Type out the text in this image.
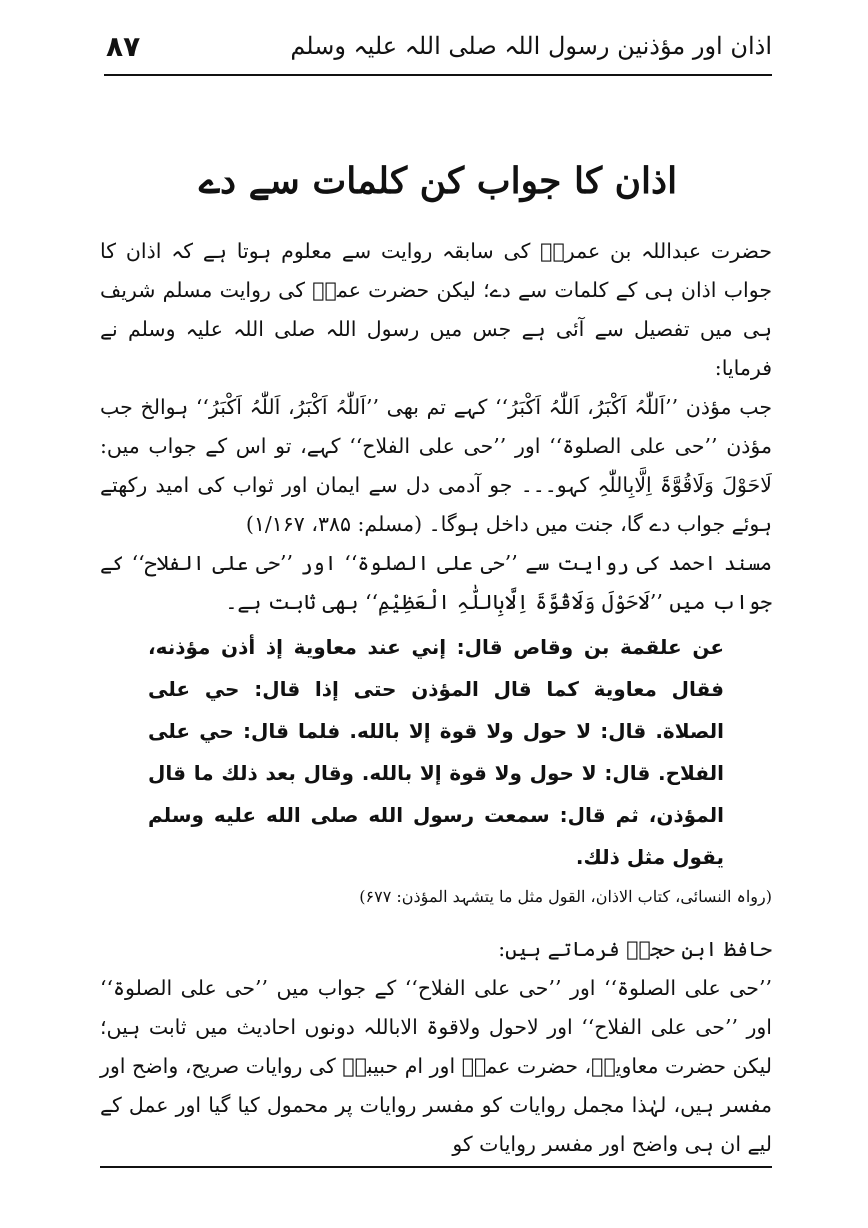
اذان اور مؤذنین رسول اللہ صلی اللہ علیہ وسلم
۸۷
اذان کا جواب کن کلمات سے دے

حضرت عبداللہ بن عمروؓ کی سابقہ روایت سے معلوم ہوتا ہے کہ اذان کا جواب اذان ہی کے کلمات سے دے؛ لیکن حضرت عمرؓ کی روایت مسلم شریف ہی میں تفصیل سے آئی ہے جس میں رسول اللہ صلی اللہ علیہ وسلم نے فرمایا:

جب مؤذن ’’اَللّٰہُ اَکْبَرُ، اَللّٰہُ اَکْبَرُ‘‘ کہے تم بھی ’’اَللّٰہُ اَکْبَرُ، اَللّٰہُ اَکْبَرُ‘‘ ہوالخ جب مؤذن ’’حی علی الصلوۃ‘‘ اور ’’حی علی الفلاح‘‘ کہے، تو اس کے جواب میں: لَاحَوْلَ وَلَاقُوَّۃَ اِلَّابِاللّٰہِ کہو۔۔۔ جو آدمی دل سے ایمان اور ثواب کی امید رکھتے ہوئے جواب دے گا، جنت میں داخل ہوگا۔ (مسلم: ۳۸۵، ۱/۱۶۷)

مسند احمد کی روایت سے ’’حی علی الصلوۃ‘‘ اور ’’حی علی الفلاح‘‘ کے جواب میں ’’لَاحَوْلَ وَلَاقُوَّۃَ اِلَّابِاللّٰہِ الْعَظِیْمِ‘‘ بھی ثابت ہے۔

عن علقمة بن وقاص قال: إني عند معاوية إذ أذن مؤذنه، فقال معاوية كما قال المؤذن حتى إذا قال: حي على الصلاة. قال: لا حول ولا قوة إلا بالله. فلما قال: حي على الفلاح. قال: لا حول ولا قوة إلا بالله. وقال بعد ذلك ما قال المؤذن، ثم قال: سمعت رسول الله صلى الله عليه وسلم يقول مثل ذلك.

(رواہ النسائی، کتاب الاذان، القول مثل ما یتشہد المؤذن: ۶۷۷)

حافظ ابن حجرؒ فرماتے ہیں:

’’حی علی الصلوۃ‘‘ اور ’’حی علی الفلاح‘‘ کے جواب میں ’’حی علی الصلوۃ‘‘ اور ’’حی علی الفلاح‘‘ اور لاحول ولاقوۃ الاباللہ دونوں احادیث میں ثابت ہیں؛ لیکن حضرت معاویہؓ، حضرت عمرؓ اور ام حبیبہؓ کی روایات صریح، واضح اور مفسر ہیں، لہٰذا مجمل روایات کو مفسر روایات پر محمول کیا گیا اور عمل کے لیے ان ہی واضح اور مفسر روایات کو
